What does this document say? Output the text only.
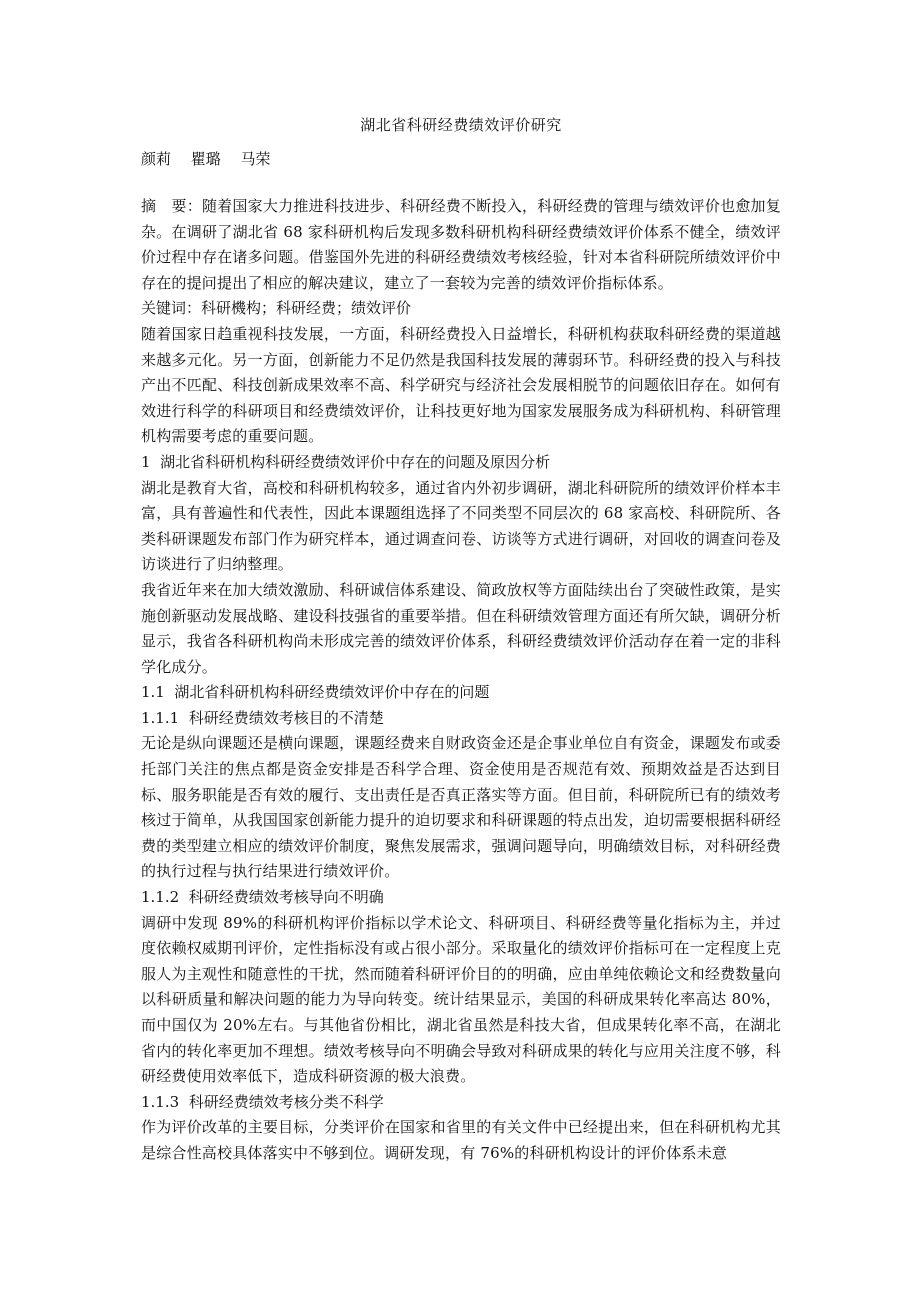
湖北省科研经费绩效评价研究

颜莉　 瞿璐　 马荣

摘　要：随着国家大力推进科技进步、科研经费不断投入，科研经费的管理与绩效评价也愈加复杂。在调研了湖北省 68 家科研机构后发现多数科研机构科研经费绩效评价体系不健全，绩效评价过程中存在诸多问题。借鉴国外先进的科研经费绩效考核经验，针对本省科研院所绩效评价中存在的提问提出了相应的解决建议，建立了一套较为完善的绩效评价指标体系。

关键词：科研機构；科研经费；绩效评价

随着国家日趋重视科技发展，一方面，科研经费投入日益增长，科研机构获取科研经费的渠道越来越多元化。另一方面，创新能力不足仍然是我国科技发展的薄弱环节。科研经费的投入与科技产出不匹配、科技创新成果效率不高、科学研究与经济社会发展相脱节的问题依旧存在。如何有效进行科学的科研项目和经费绩效评价，让科技更好地为国家发展服务成为科研机构、科研管理机构需要考虑的重要问题。

1  湖北省科研机构科研经费绩效评价中存在的问题及原因分析

湖北是教育大省，高校和科研机构较多，通过省内外初步调研，湖北科研院所的绩效评价样本丰富，具有普遍性和代表性，因此本课题组选择了不同类型不同层次的 68 家高校、科研院所、各类科研课题发布部门作为研究样本，通过调查问卷、访谈等方式进行调研，对回收的调查问卷及访谈进行了归纳整理。

我省近年来在加大绩效激励、科研诚信体系建设、简政放权等方面陆续出台了突破性政策，是实施创新驱动发展战略、建设科技强省的重要举措。但在科研绩效管理方面还有所欠缺，调研分析显示，我省各科研机构尚未形成完善的绩效评价体系，科研经费绩效评价活动存在着一定的非科学化成分。

1.1  湖北省科研机构科研经费绩效评价中存在的问题

1.1.1  科研经费绩效考核目的不清楚

无论是纵向课题还是横向课题，课题经费来自财政资金还是企事业单位自有资金，课题发布或委托部门关注的焦点都是资金安排是否科学合理、资金使用是否规范有效、预期效益是否达到目标、服务职能是否有效的履行、支出责任是否真正落实等方面。但目前，科研院所已有的绩效考核过于简单，从我国国家创新能力提升的迫切要求和科研课题的特点出发，迫切需要根据科研经费的类型建立相应的绩效评价制度，聚焦发展需求，强调问题导向，明确绩效目标，对科研经费的执行过程与执行结果进行绩效评价。

1.1.2  科研经费绩效考核导向不明确

调研中发现 89%的科研机构评价指标以学术论文、科研项目、科研经费等量化指标为主，并过度依赖权威期刊评价，定性指标没有或占很小部分。采取量化的绩效评价指标可在一定程度上克服人为主观性和随意性的干扰，然而随着科研评价目的的明确，应由单纯依赖论文和经费数量向以科研质量和解决问题的能力为导向转变。统计结果显示，美国的科研成果转化率高达 80%，而中国仅为 20%左右。与其他省份相比，湖北省虽然是科技大省，但成果转化率不高，在湖北省内的转化率更加不理想。绩效考核导向不明确会导致对科研成果的转化与应用关注度不够，科研经费使用效率低下，造成科研资源的极大浪费。

1.1.3  科研经费绩效考核分类不科学

作为评价改革的主要目标，分类评价在国家和省里的有关文件中已经提出来，但在科研机构尤其是综合性高校具体落实中不够到位。调研发现，有 76%的科研机构设计的评价体系未意
